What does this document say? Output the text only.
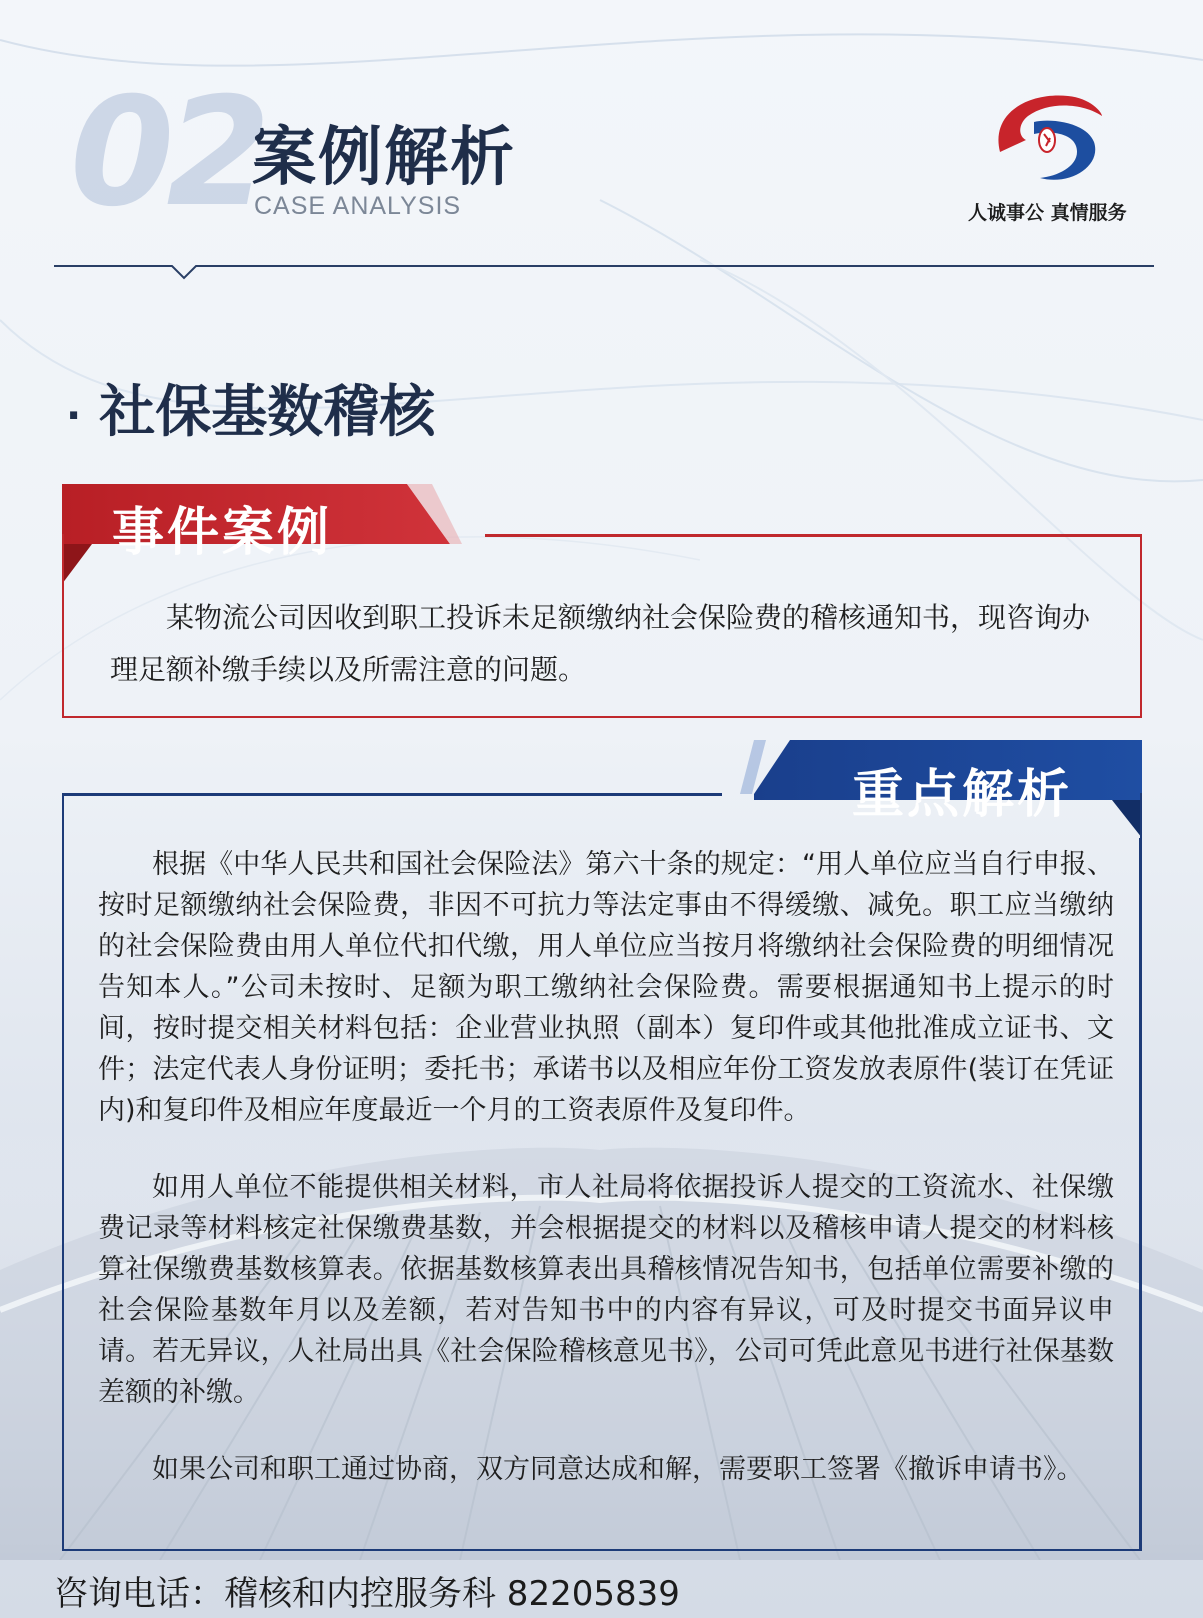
02
案例解析
CASE ANALYSIS	人诚事公 真情服务
· 社保基数稽核
事件案例

某物流公司因收到职工投诉未足额缴纳社会保险费的稽核通知书，现咨询办理足额补缴手续以及所需注意的问题。

重点解析

根据《中华人民共和国社会保险法》第六十条的规定：“用人单位应当自行申报、按时足额缴纳社会保险费，非因不可抗力等法定事由不得缓缴、减免。职工应当缴纳的社会保险费由用人单位代扣代缴，用人单位应当按月将缴纳社会保险费的明细情况告知本人。”公司未按时、足额为职工缴纳社会保险费。需要根据通知书上提示的时间，按时提交相关材料包括：企业营业执照（副本）复印件或其他批准成立证书、文件；法定代表人身份证明；委托书；承诺书以及相应年份工资发放表原件(装订在凭证内)和复印件及相应年度最近一个月的工资表原件及复印件。

如用人单位不能提供相关材料，市人社局将依据投诉人提交的工资流水、社保缴费记录等材料核定社保缴费基数，并会根据提交的材料以及稽核申请人提交的材料核算社保缴费基数核算表。依据基数核算表出具稽核情况告知书，包括单位需要补缴的社会保险基数年月以及差额，若对告知书中的内容有异议，可及时提交书面异议申请。若无异议，人社局出具《社会保险稽核意见书》，公司可凭此意见书进行社保基数差额的补缴。

如果公司和职工通过协商，双方同意达成和解，需要职工签署《撤诉申请书》。

咨询电话：稽核和内控服务科 82205839
